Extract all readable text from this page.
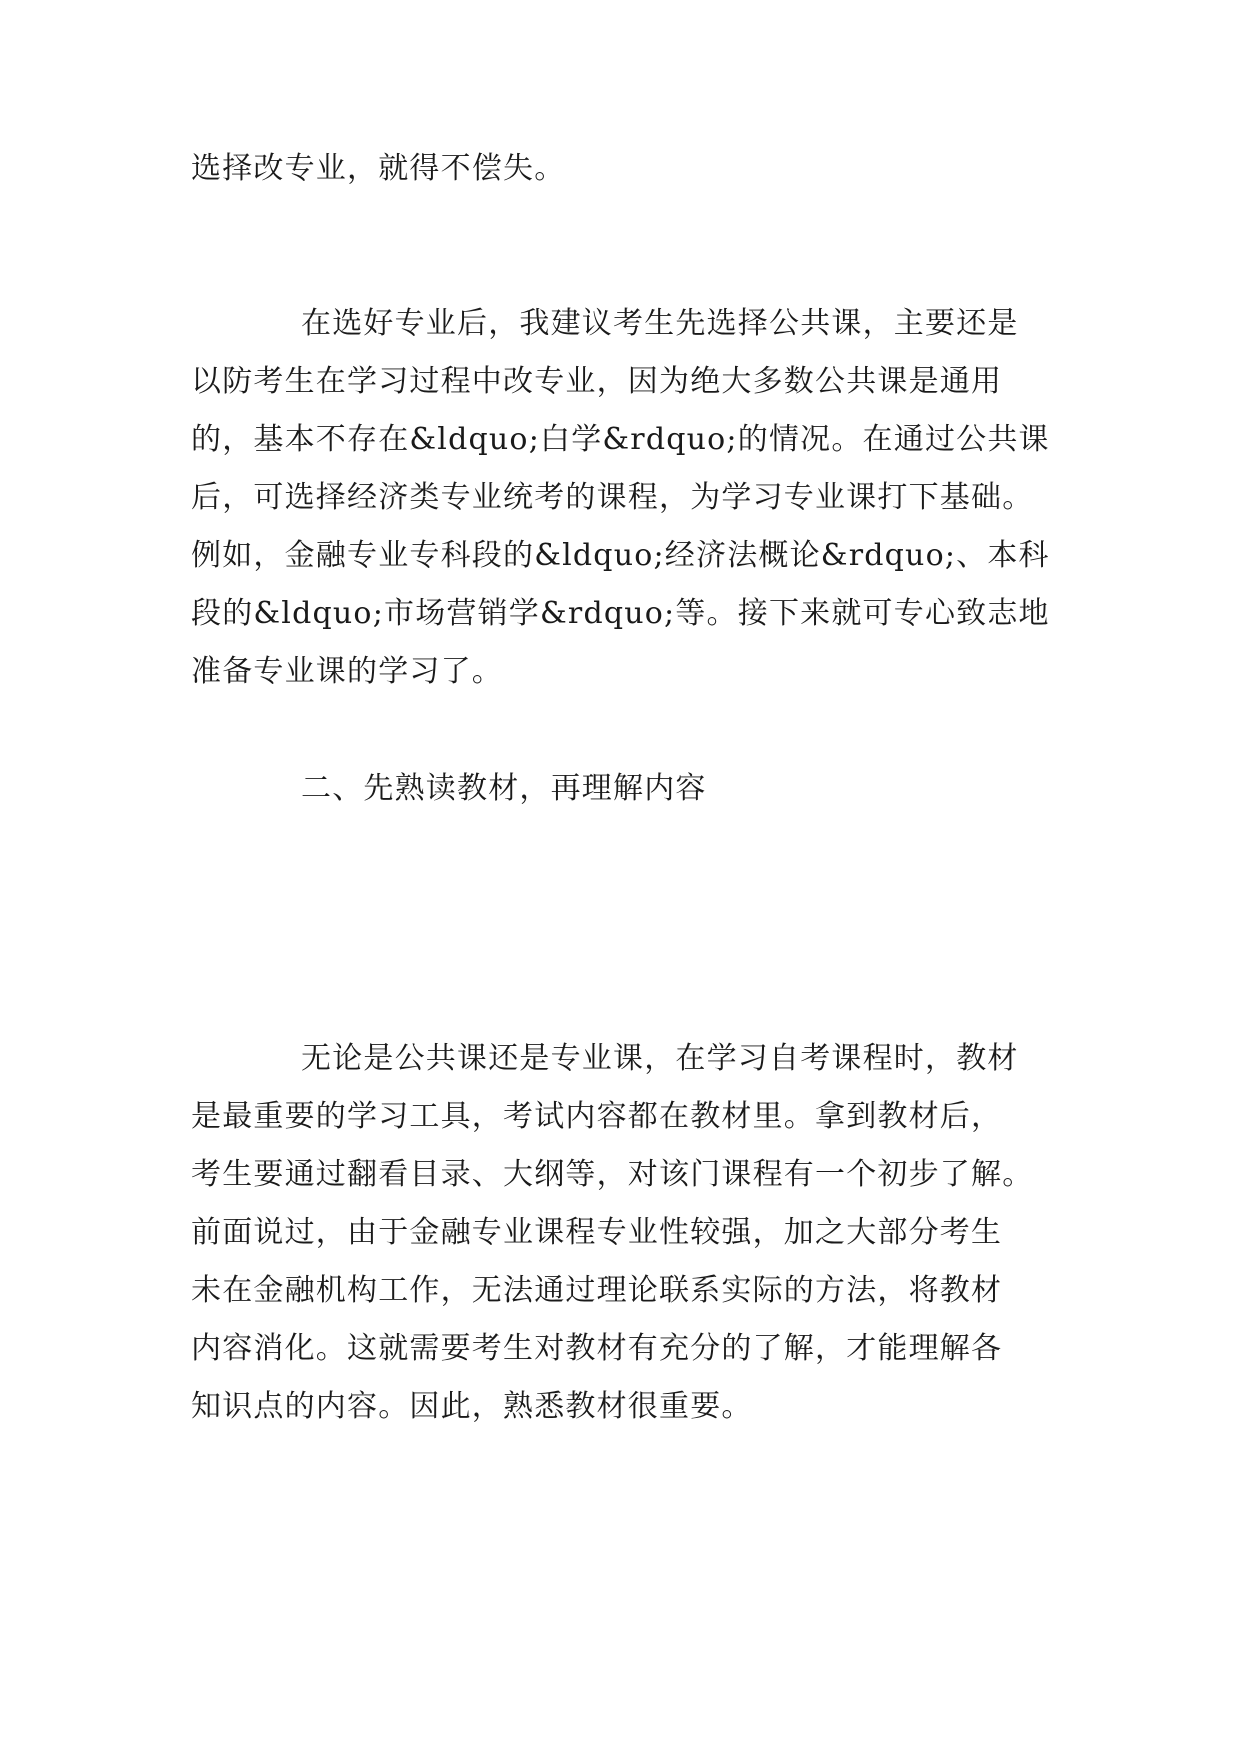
选择改专业，就得不偿失。

在选好专业后，我建议考生先选择公共课，主要还是
以防考生在学习过程中改专业，因为绝大多数公共课是通用
的，基本不存在&ldquo;白学&rdquo;的情况。在通过公共课
后，可选择经济类专业统考的课程，为学习专业课打下基础。
例如，金融专业专科段的&ldquo;经济法概论&rdquo;、本科
段的&ldquo;市场营销学&rdquo;等。接下来就可专心致志地
准备专业课的学习了。

二、先熟读教材，再理解内容

无论是公共课还是专业课，在学习自考课程时，教材
是最重要的学习工具，考试内容都在教材里。拿到教材后，
考生要通过翻看目录、大纲等，对该门课程有一个初步了解。
前面说过，由于金融专业课程专业性较强，加之大部分考生
未在金融机构工作，无法通过理论联系实际的方法，将教材
内容消化。这就需要考生对教材有充分的了解，才能理解各
知识点的内容。因此，熟悉教材很重要。
